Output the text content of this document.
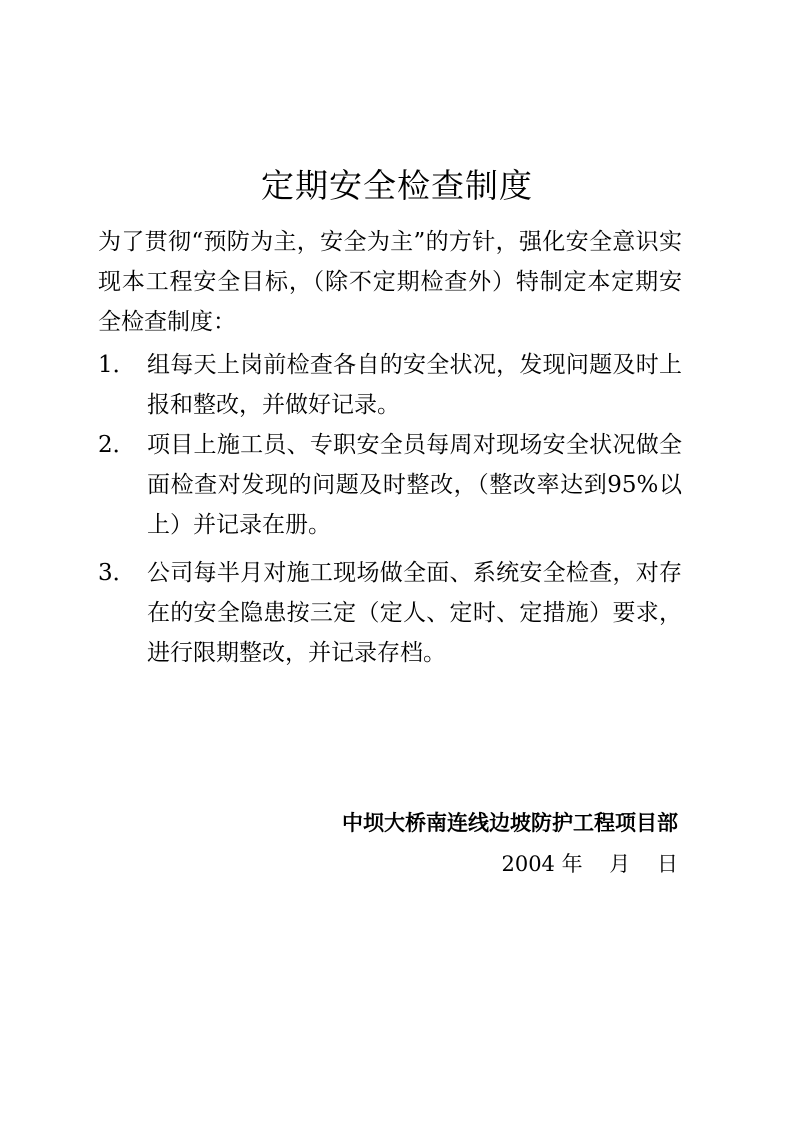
定期安全检查制度
为了贯彻“预防为主，安全为主”的方针，强化安全意识实现本工程安全目标，（除不定期检查外）特制定本定期安全检查制度：
1． 组每天上岗前检查各自的安全状况，发现问题及时上报和整改，并做好记录。
2． 项目上施工员、专职安全员每周对现场安全状况做全面检查对发现的问题及时整改，（整改率达到95%以上）并记录在册。
3． 公司每半月对施工现场做全面、系统安全检查，对存在的安全隐患按三定（定人、定时、定措施）要求，进行限期整改，并记录存档。
中坝大桥南连线边坡防护工程项目部
2004 年    月    日
